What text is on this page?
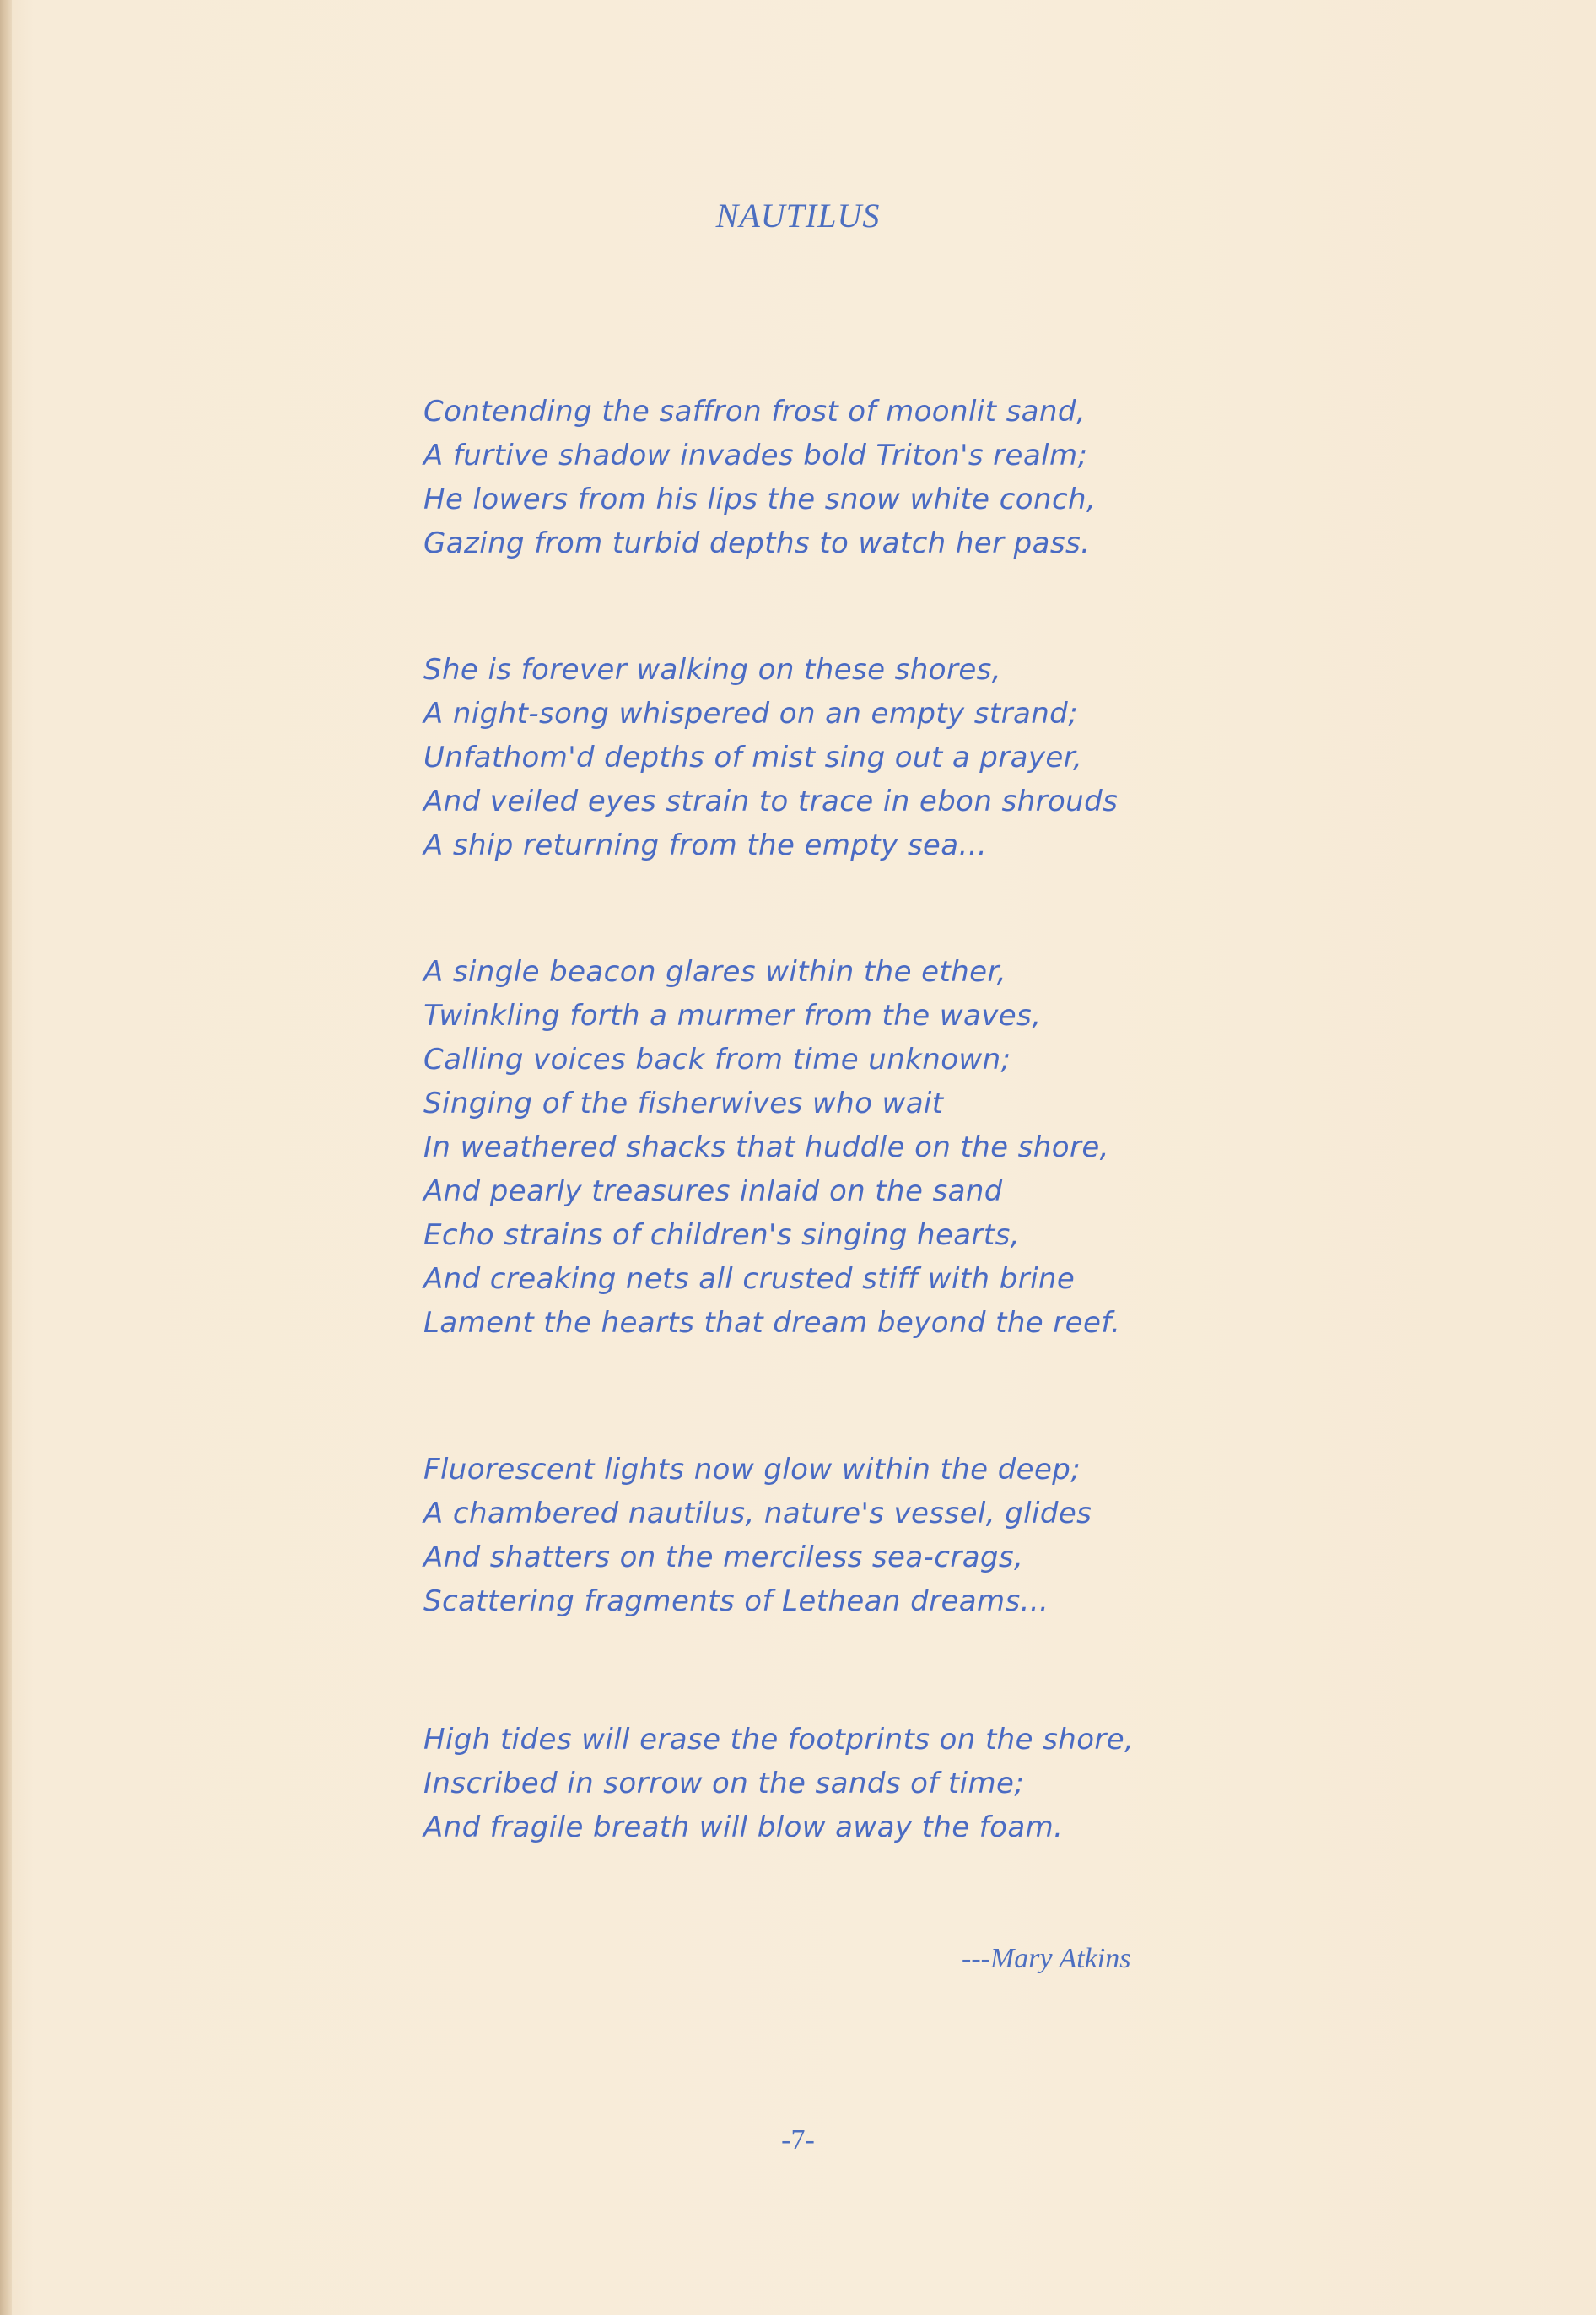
NAUTILUS
Contending the saffron frost of moonlit sand,
A furtive shadow invades bold Triton's realm;
He lowers from his lips the snow white conch,
Gazing from turbid depths to watch her pass.
She is forever walking on these shores,
A night-song whispered on an empty strand;
Unfathom'd depths of mist sing out a prayer,
And veiled eyes strain to trace in ebon shrouds
A ship returning from the empty sea...
A single beacon glares within the ether,
Twinkling forth a murmer from the waves,
Calling voices back from time unknown;
Singing of the fisherwives who wait
In weathered shacks that huddle on the shore,
And pearly treasures inlaid on the sand
Echo strains of children's singing hearts,
And creaking nets all crusted stiff with brine
Lament the hearts that dream beyond the reef.
Fluorescent lights now glow within the deep;
A chambered nautilus, nature's vessel, glides
And shatters on the merciless sea-crags,
Scattering fragments of Lethean dreams...
High tides will erase the footprints on the shore,
Inscribed in sorrow on the sands of time;
And fragile breath will blow away the foam.
---Mary Atkins
-7-
